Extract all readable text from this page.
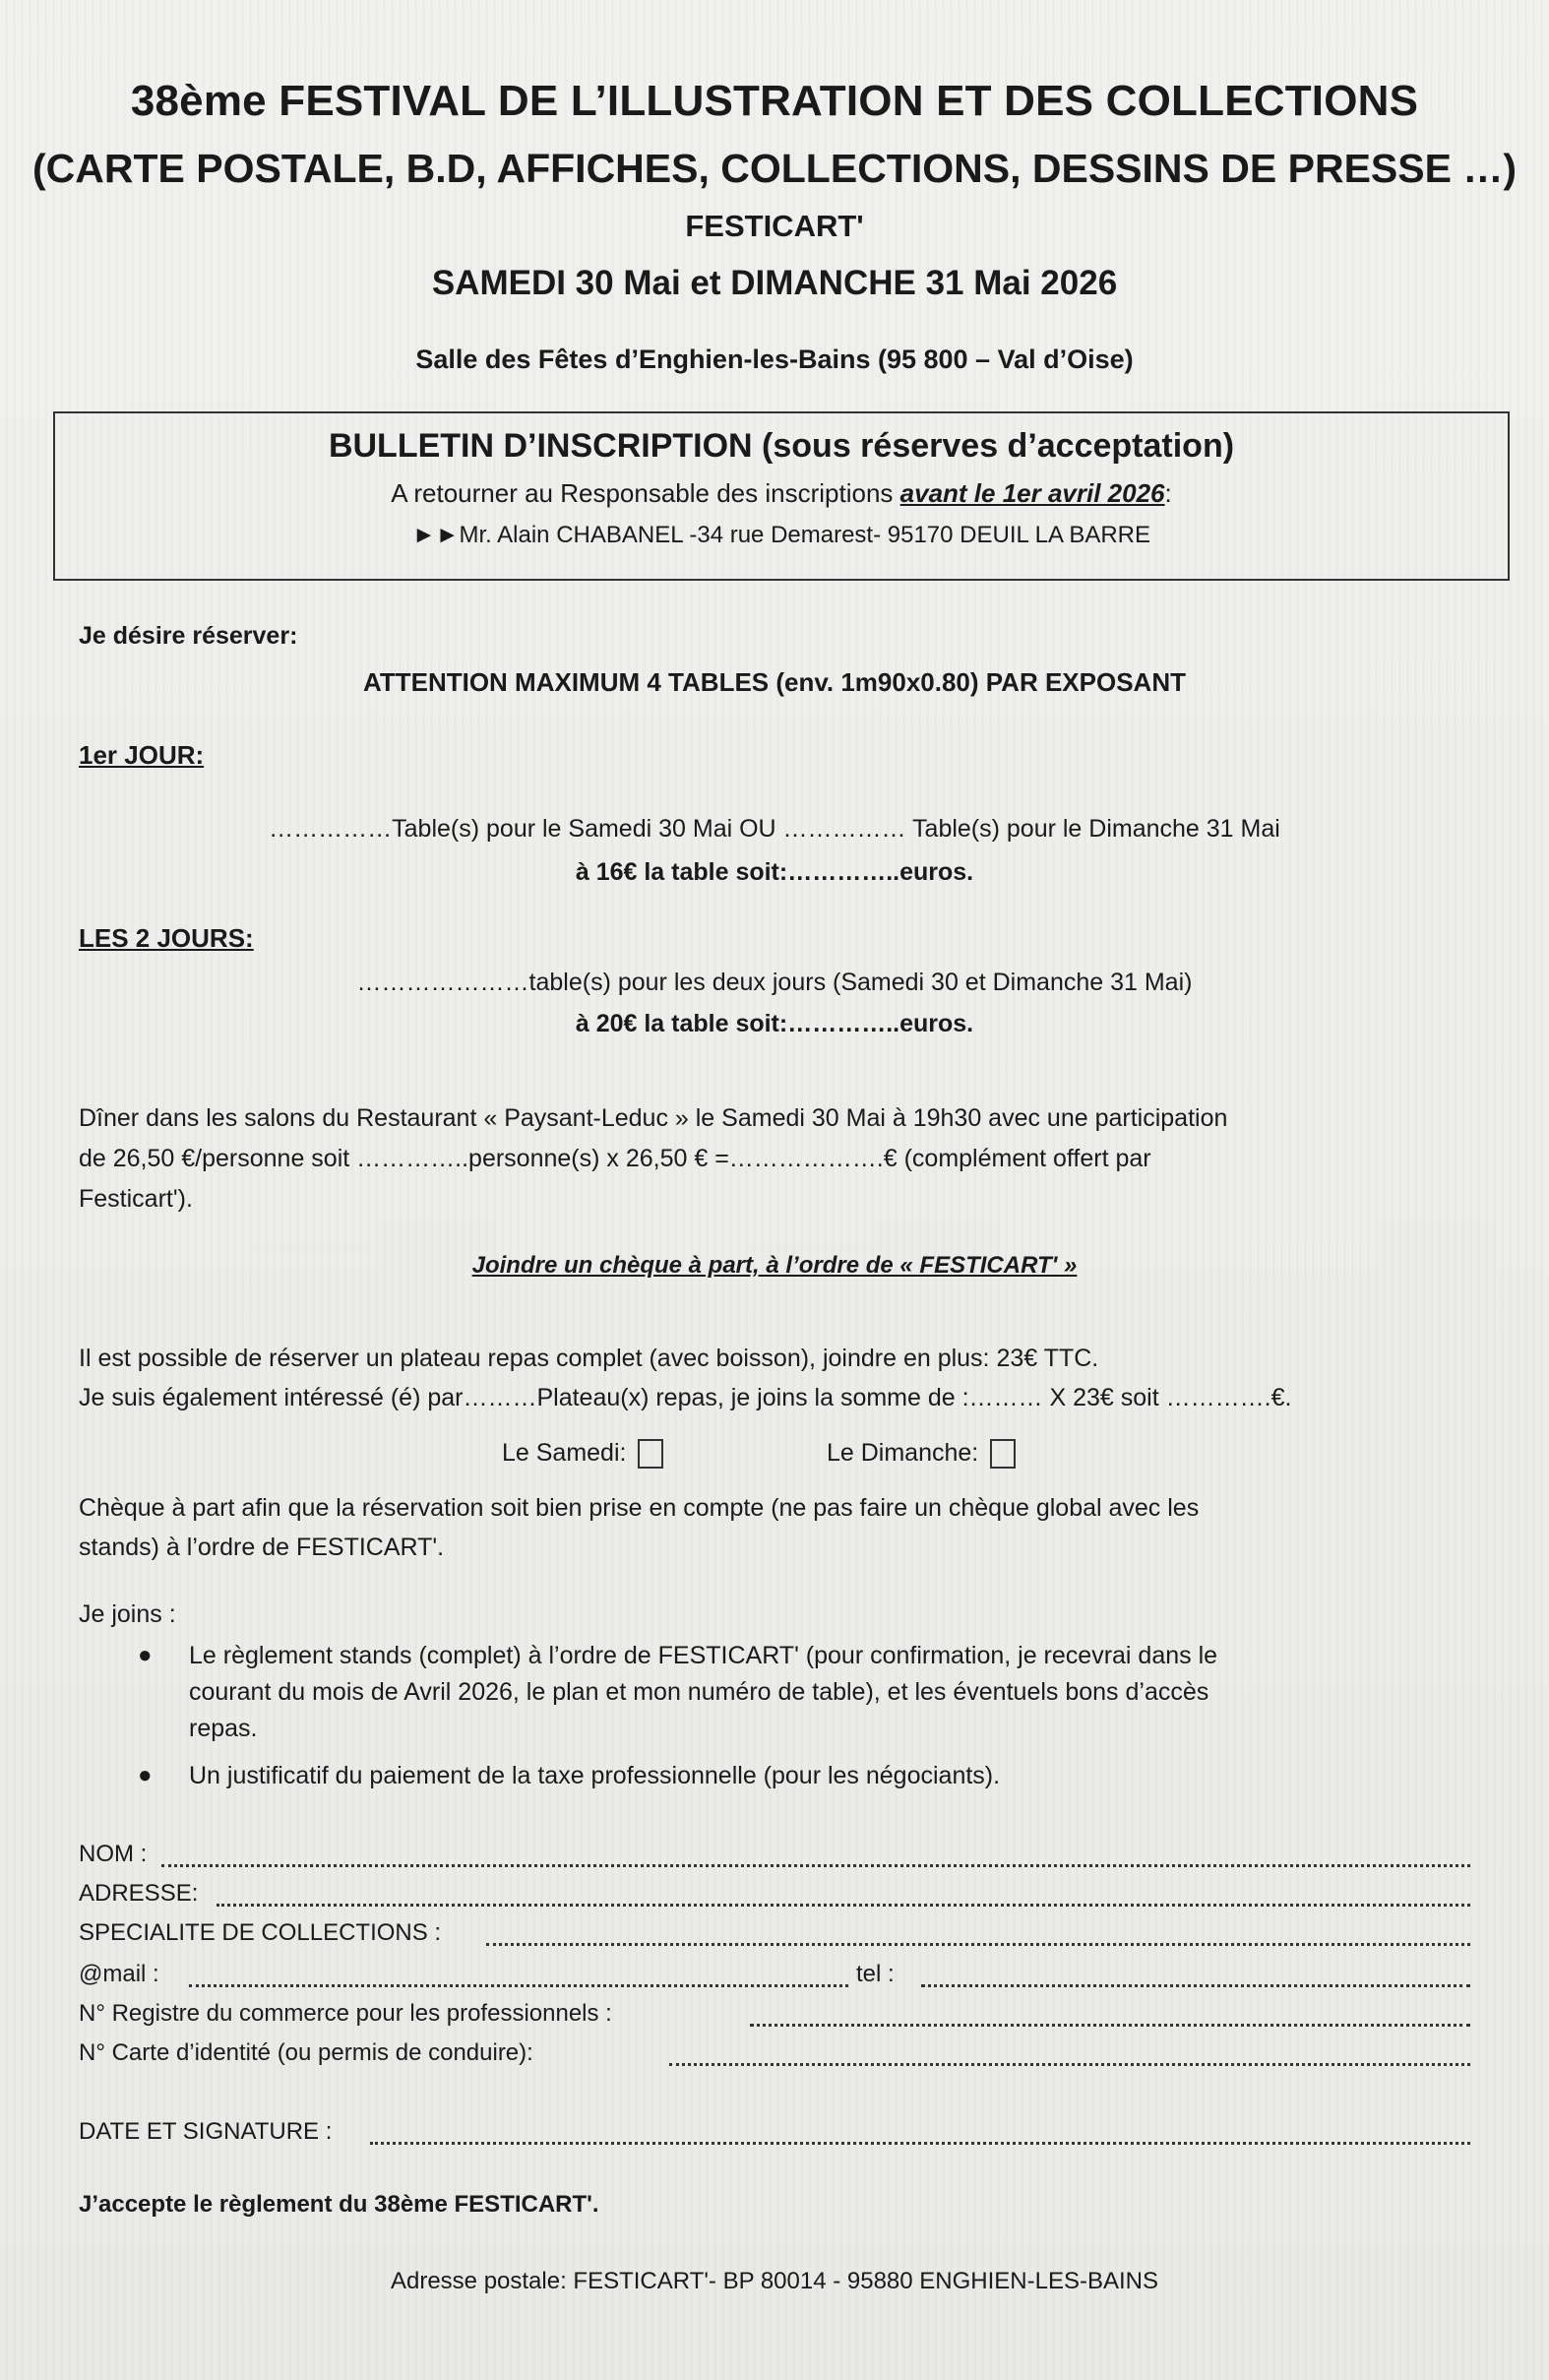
38ème FESTIVAL DE L’ILLUSTRATION ET DES COLLECTIONS
(CARTE POSTALE, B.D, AFFICHES, COLLECTIONS, DESSINS DE PRESSE …)
FESTICART'
SAMEDI 30 Mai et DIMANCHE 31 Mai 2026
Salle des Fêtes d’Enghien-les-Bains (95 800 – Val d’Oise)
BULLETIN D’INSCRIPTION (sous réserves d’acceptation)
A retourner au Responsable des inscriptions avant le 1er avril 2026:
►►Mr. Alain CHABANEL -34 rue Demarest- 95170 DEUIL LA BARRE
Je désire réserver:
ATTENTION MAXIMUM 4 TABLES (env. 1m90x0.80) PAR EXPOSANT
1er JOUR:
……………Table(s) pour le Samedi 30 Mai OU …………… Table(s) pour le Dimanche 31 Mai
à 16€ la table soit:…………..euros.
LES 2 JOURS:
…………………table(s) pour les deux jours (Samedi 30 et Dimanche 31 Mai)
à 20€ la table soit:…………..euros.
Dîner dans les salons du Restaurant « Paysant-Leduc » le Samedi 30 Mai à 19h30 avec une participation
de 26,50 €/personne soit …………..personne(s) x 26,50 € =……………….€ (complément offert par
Festicart').
Joindre un chèque à part, à l’ordre de « FESTICART' »
Il est possible de réserver un plateau repas complet (avec boisson), joindre en plus: 23€ TTC.
Je suis également intéressé (é) par………Plateau(x) repas, je joins la somme de :……… X 23€ soit ………….€.
Le Samedi:	Le Dimanche:
Chèque à part afin que la réservation soit bien prise en compte (ne pas faire un chèque global avec les
stands) à l’ordre de FESTICART'.
Je joins :
● Le règlement stands (complet) à l’ordre de FESTICART' (pour confirmation, je recevrai dans le
courant du mois de Avril 2026, le plan et mon numéro de table), et les éventuels bons d’accès
repas.
● Un justificatif du paiement de la taxe professionnelle (pour les négociants).
NOM :
ADRESSE:
SPECIALITE DE COLLECTIONS :
@mail :	tel :
N° Registre du commerce pour les professionnels :
N° Carte d’identité (ou permis de conduire):
DATE ET SIGNATURE :
J’accepte le règlement du 38ème FESTICART'.
Adresse postale: FESTICART'- BP 80014 - 95880 ENGHIEN-LES-BAINS
